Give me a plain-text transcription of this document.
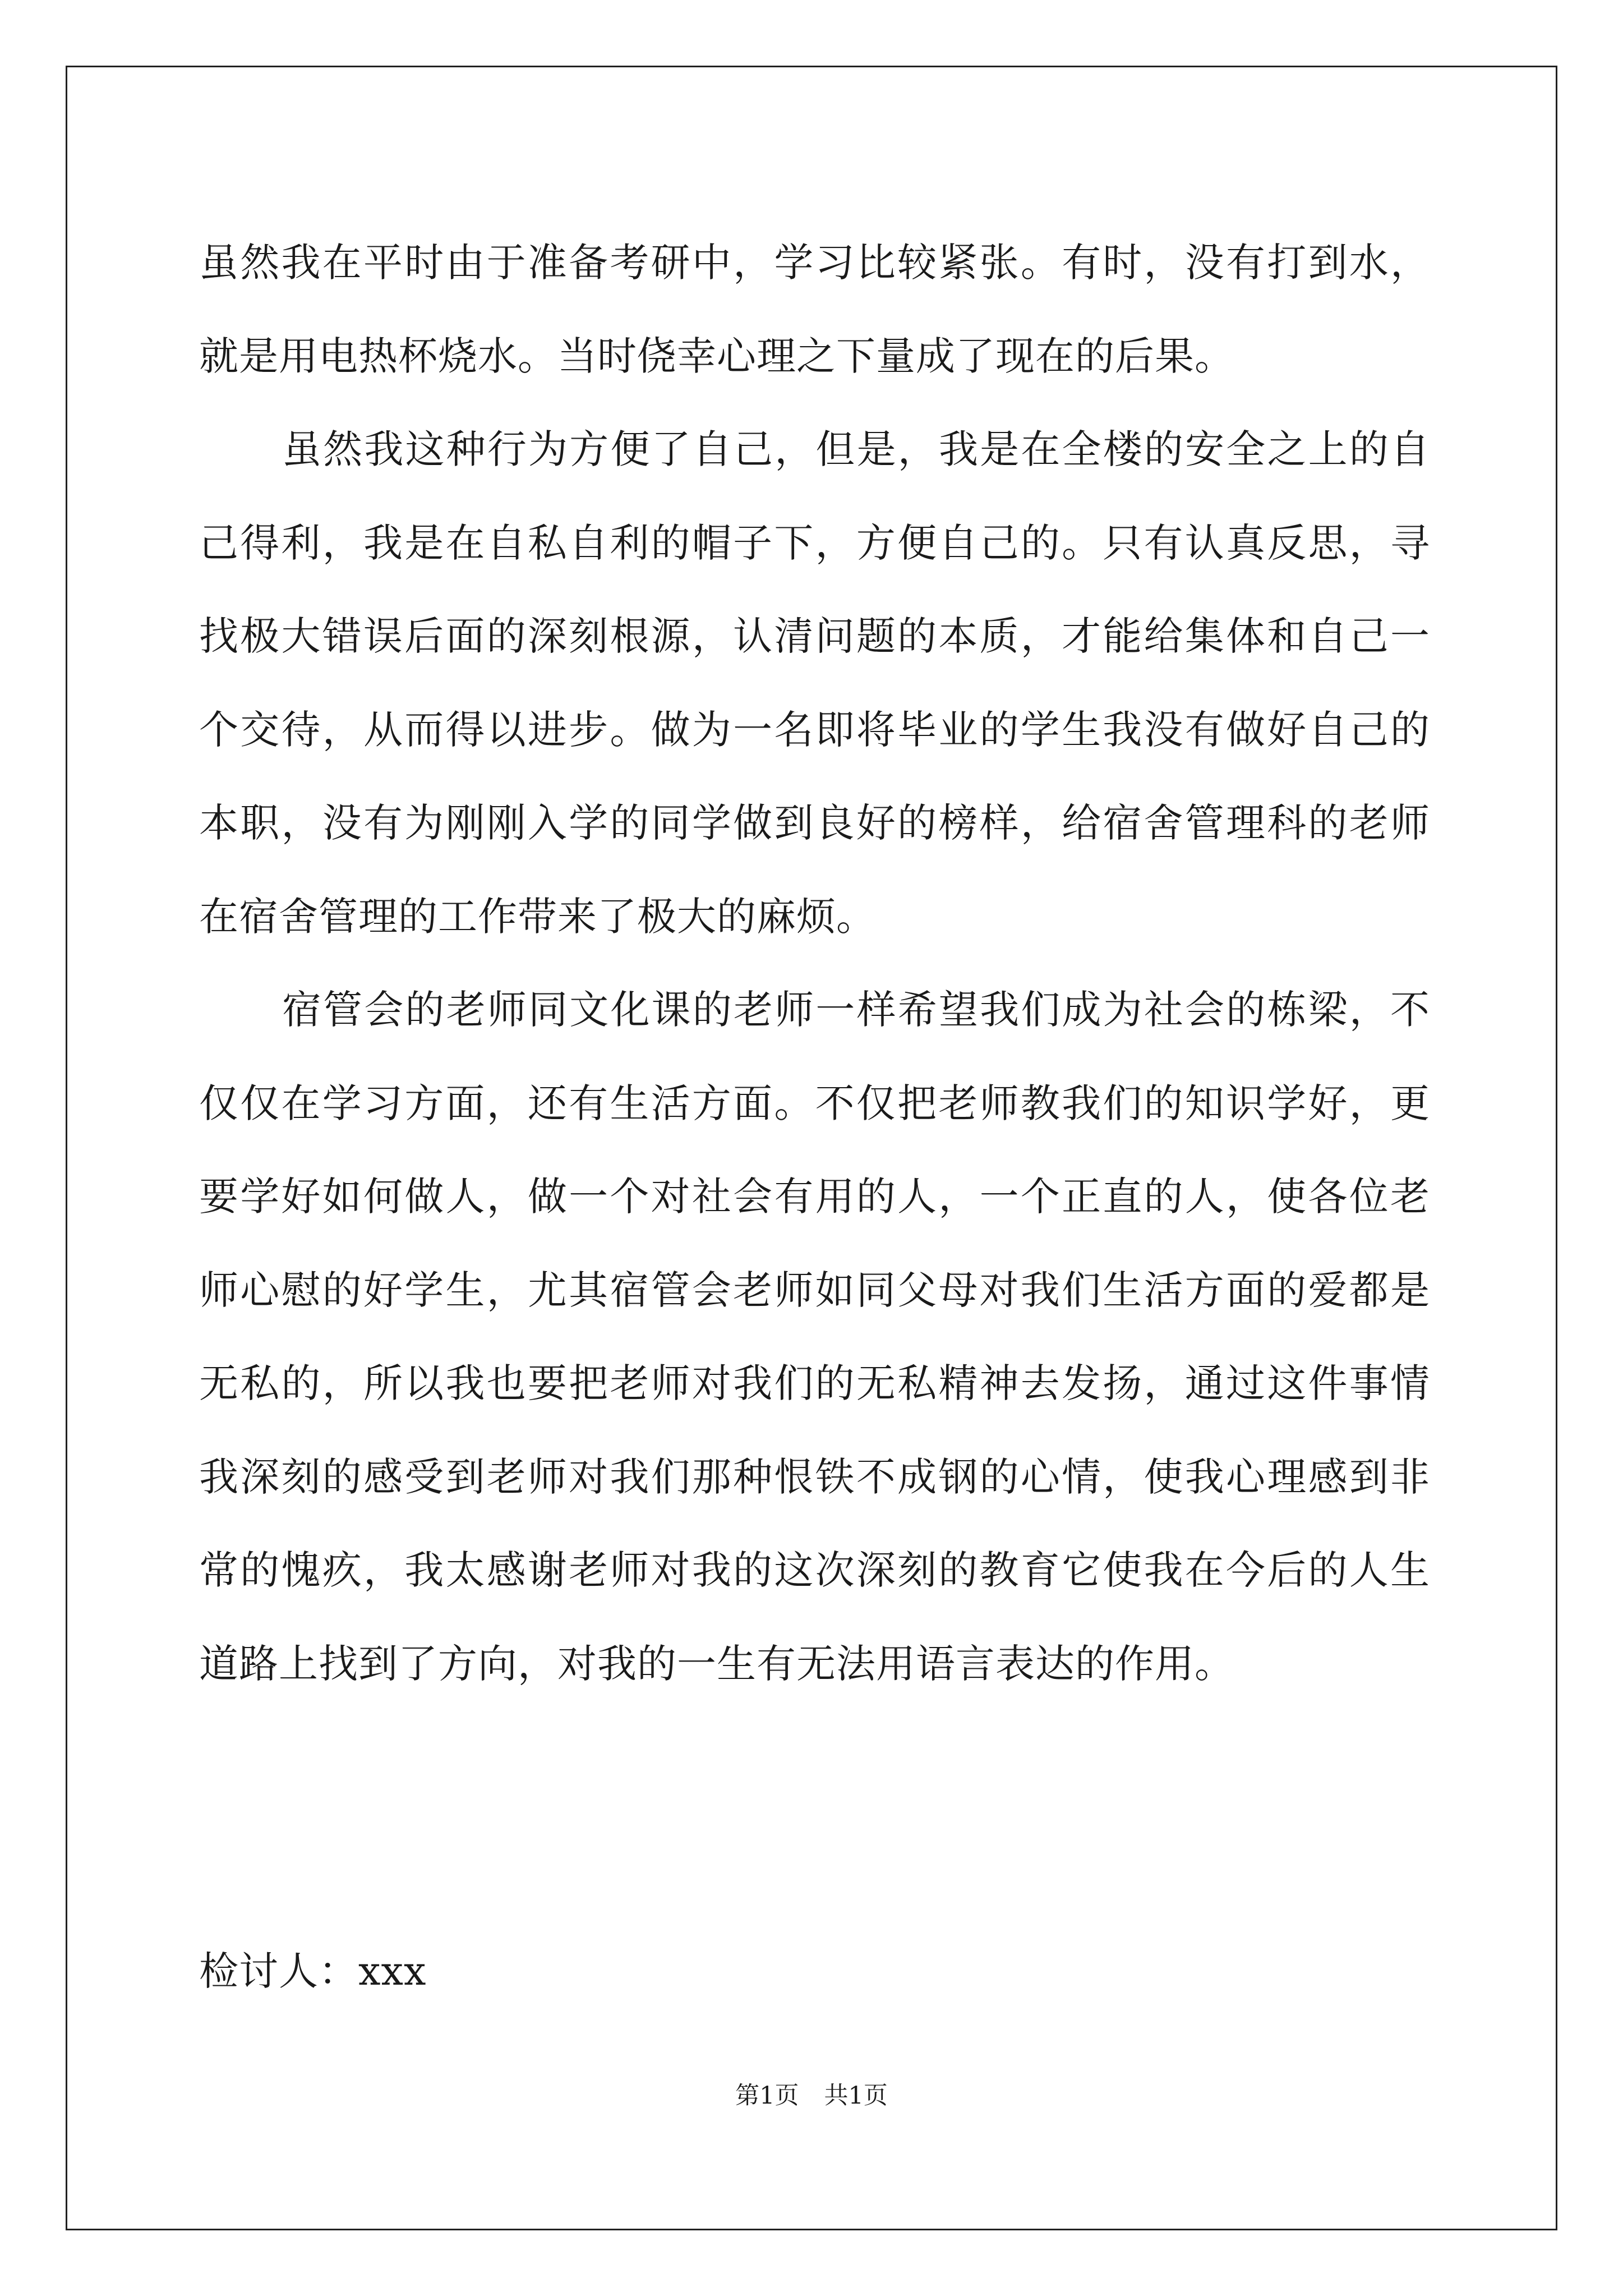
虽然我在平时由于准备考研中，学习比较紧张。有时，没有打到水，就是用电热杯烧水。当时侥幸心理之下量成了现在的后果。

虽然我这种行为方便了自己，但是，我是在全楼的安全之上的自己得利，我是在自私自利的帽子下，方便自己的。只有认真反思，寻找极大错误后面的深刻根源，认清问题的本质，才能给集体和自己一个交待，从而得以进步。做为一名即将毕业的学生我没有做好自己的本职，没有为刚刚入学的同学做到良好的榜样，给宿舍管理科的老师在宿舍管理的工作带来了极大的麻烦。

宿管会的老师同文化课的老师一样希望我们成为社会的栋梁，不仅仅在学习方面，还有生活方面。不仅把老师教我们的知识学好，更要学好如何做人，做一个对社会有用的人，一个正直的人，使各位老师心慰的好学生，尤其宿管会老师如同父母对我们生活方面的爱都是无私的，所以我也要把老师对我们的无私精神去发扬，通过这件事情我深刻的感受到老师对我们那种恨铁不成钢的心情，使我心理感到非常的愧疚，我太感谢老师对我的这次深刻的教育它使我在今后的人生道路上找到了方向，对我的一生有无法用语言表达的作用。

检讨人：xxx

第1页 共1页
